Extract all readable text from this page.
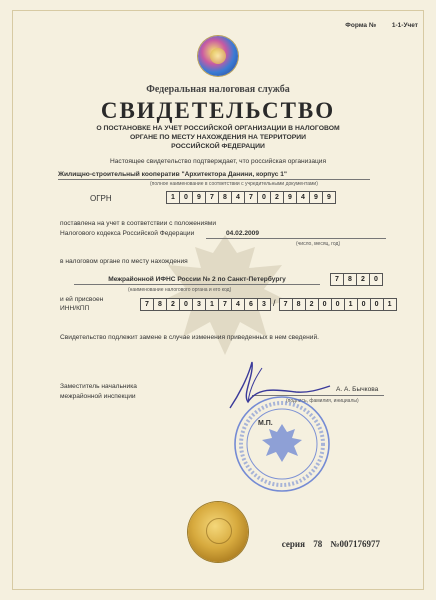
Форма № 1-1-Учет
Федеральная налоговая служба
СВИДЕТЕЛЬСТВО
О ПОСТАНОВКЕ НА УЧЕТ РОССИЙСКОЙ ОРГАНИЗАЦИИ В НАЛОГОВОМ
ОРГАНЕ ПО МЕСТУ НАХОЖДЕНИЯ НА ТЕРРИТОРИИ
РОССИЙСКОЙ ФЕДЕРАЦИИ
Настоящее свидетельство подтверждает, что российская организация
Жилищно-строительный кооператив "Архитектора Данини, корпус 1"
(полное наименование в соответствии с учредительными документами)
ОГРН	1	0	9	7	8	4	7	0	2	9	4	9	9
поставлена на учет в соответствии с положениями
Налогового кодекса Российской Федерации	04.02.2009
(число, месяц, год)
в налоговом органе по месту нахождения
Межрайонной ИФНС России № 2 по Санкт-Петербургу	7	8	2	0
(наименование налогового органа и его код)
и ей присвоен
ИНН/КПП
7	8	2	0	3	1	7	4	6	3 /	7	8	2	0	0	1	0	0	1
Свидетельство подлежит замене в случае изменения приведенных в нем сведений.
Заместитель начальника
межрайонной инспекции
А. А. Бычкова
(подпись, фамилия, инициалы)
М.П.
серия 78 №007176977
